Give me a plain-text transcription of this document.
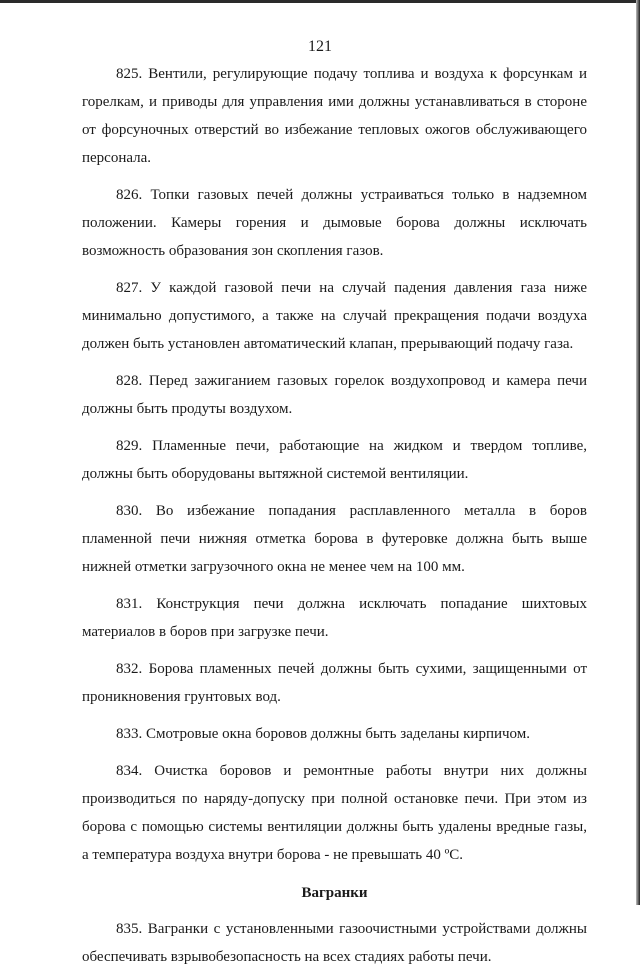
121

825. Вентили, регулирующие подачу топлива и воздуха к форсункам и горелкам, и приводы для управления ими должны устанавливаться в стороне от форсуночных отверстий во избежание тепловых ожогов обслуживающего персонала.

826. Топки газовых печей должны устраиваться только в надземном положении. Камеры горения и дымовые борова должны исключать возможность образования зон скопления газов.

827. У каждой газовой печи на случай падения давления газа ниже минимально допустимого, а также на случай прекращения подачи воздуха должен быть установлен автоматический клапан, прерывающий подачу газа.

828. Перед зажиганием газовых горелок воздухопровод и камера печи должны быть продуты воздухом.

829. Пламенные печи, работающие на жидком и твердом топливе, должны быть оборудованы вытяжной системой вентиляции.

830. Во избежание попадания расплавленного металла в боров пламенной печи нижняя отметка борова в футеровке должна быть выше нижней отметки загрузочного окна не менее чем на 100 мм.

831. Конструкция печи должна исключать попадание шихтовых материалов в боров при загрузке печи.

832. Борова пламенных печей должны быть сухими, защищенными от проникновения грунтовых вод.

833. Смотровые окна боровов должны быть заделаны кирпичом.

834. Очистка боровов и ремонтные работы внутри них должны производиться по наряду-допуску при полной остановке печи. При этом из борова с помощью системы вентиляции должны быть удалены вредные газы, а температура воздуха внутри борова - не превышать 40 ºC.

Вагранки

835. Вагранки с установленными газоочистными устройствами должны обеспечивать взрывобезопасность на всех стадиях работы печи.
